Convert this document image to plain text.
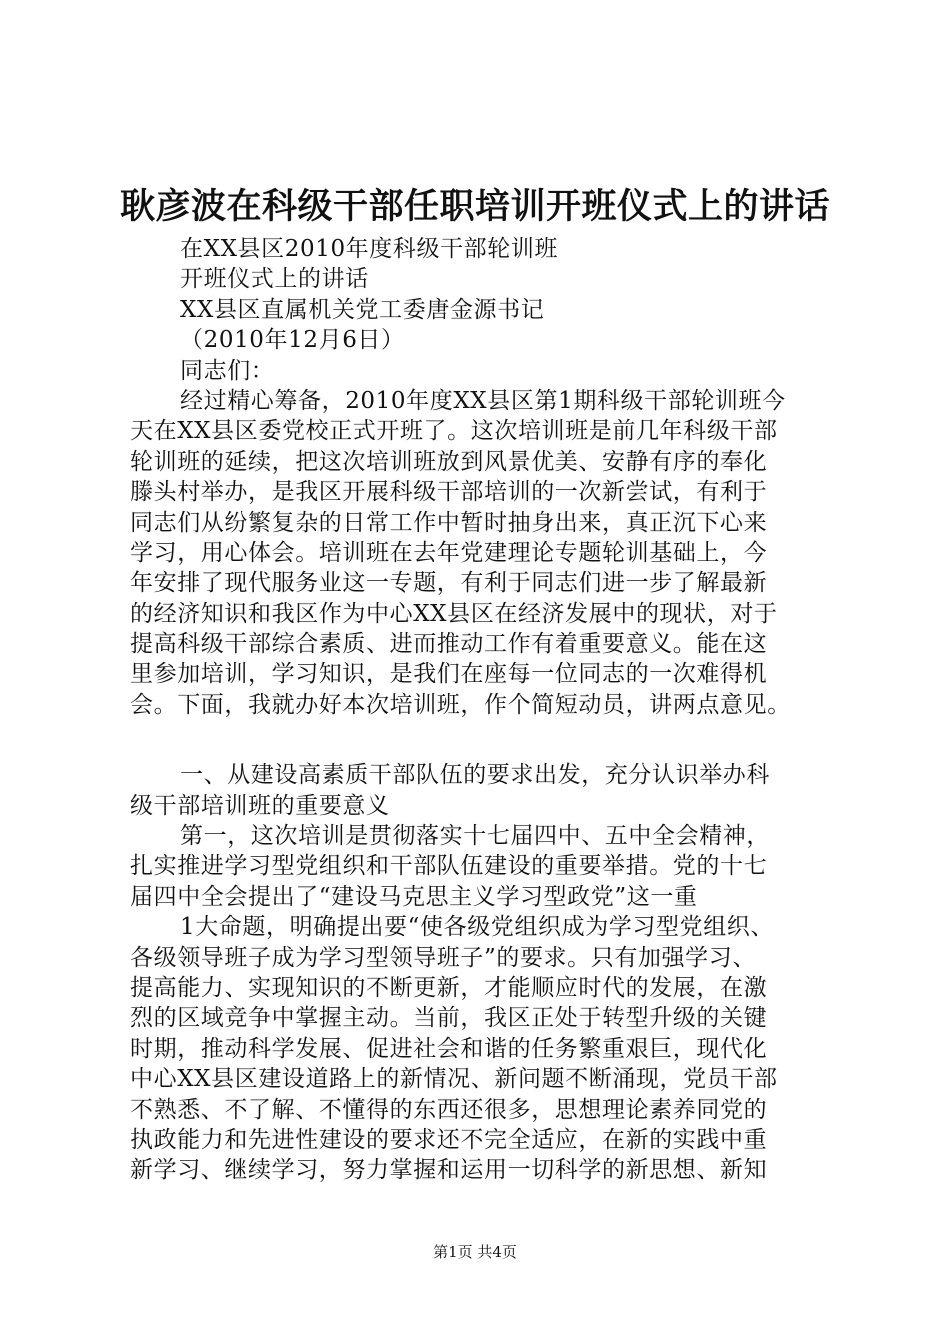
耿彦波在科级干部任职培训开班仪式上的讲话
在XX县区2010年度科级干部轮训班
开班仪式上的讲话
XX县区直属机关党工委唐金源书记
（2010年12月6日）
同志们：
经过精心筹备，2010年度XX县区第1期科级干部轮训班今
天在XX县区委党校正式开班了。这次培训班是前几年科级干部
轮训班的延续，把这次培训班放到风景优美、安静有序的奉化
滕头村举办，是我区开展科级干部培训的一次新尝试，有利于
同志们从纷繁复杂的日常工作中暂时抽身出来，真正沉下心来
学习，用心体会。培训班在去年党建理论专题轮训基础上，今
年安排了现代服务业这一专题，有利于同志们进一步了解最新
的经济知识和我区作为中心XX县区在经济发展中的现状，对于
提高科级干部综合素质、进而推动工作有着重要意义。能在这
里参加培训，学习知识，是我们在座每一位同志的一次难得机
会。下面，我就办好本次培训班，作个简短动员，讲两点意见。
一、从建设高素质干部队伍的要求出发，充分认识举办科
级干部培训班的重要意义
第一，这次培训是贯彻落实十七届四中、五中全会精神，
扎实推进学习型党组织和干部队伍建设的重要举措。党的十七
届四中全会提出了“建设马克思主义学习型政党”这一重
1大命题，明确提出要“使各级党组织成为学习型党组织、
各级领导班子成为学习型领导班子”的要求。只有加强学习、
提高能力、实现知识的不断更新，才能顺应时代的发展，在激
烈的区域竞争中掌握主动。当前，我区正处于转型升级的关键
时期，推动科学发展、促进社会和谐的任务繁重艰巨，现代化
中心XX县区建设道路上的新情况、新问题不断涌现，党员干部
不熟悉、不了解、不懂得的东西还很多，思想理论素养同党的
执政能力和先进性建设的要求还不完全适应，在新的实践中重
新学习、继续学习，努力掌握和运用一切科学的新思想、新知
第1页 共4页
